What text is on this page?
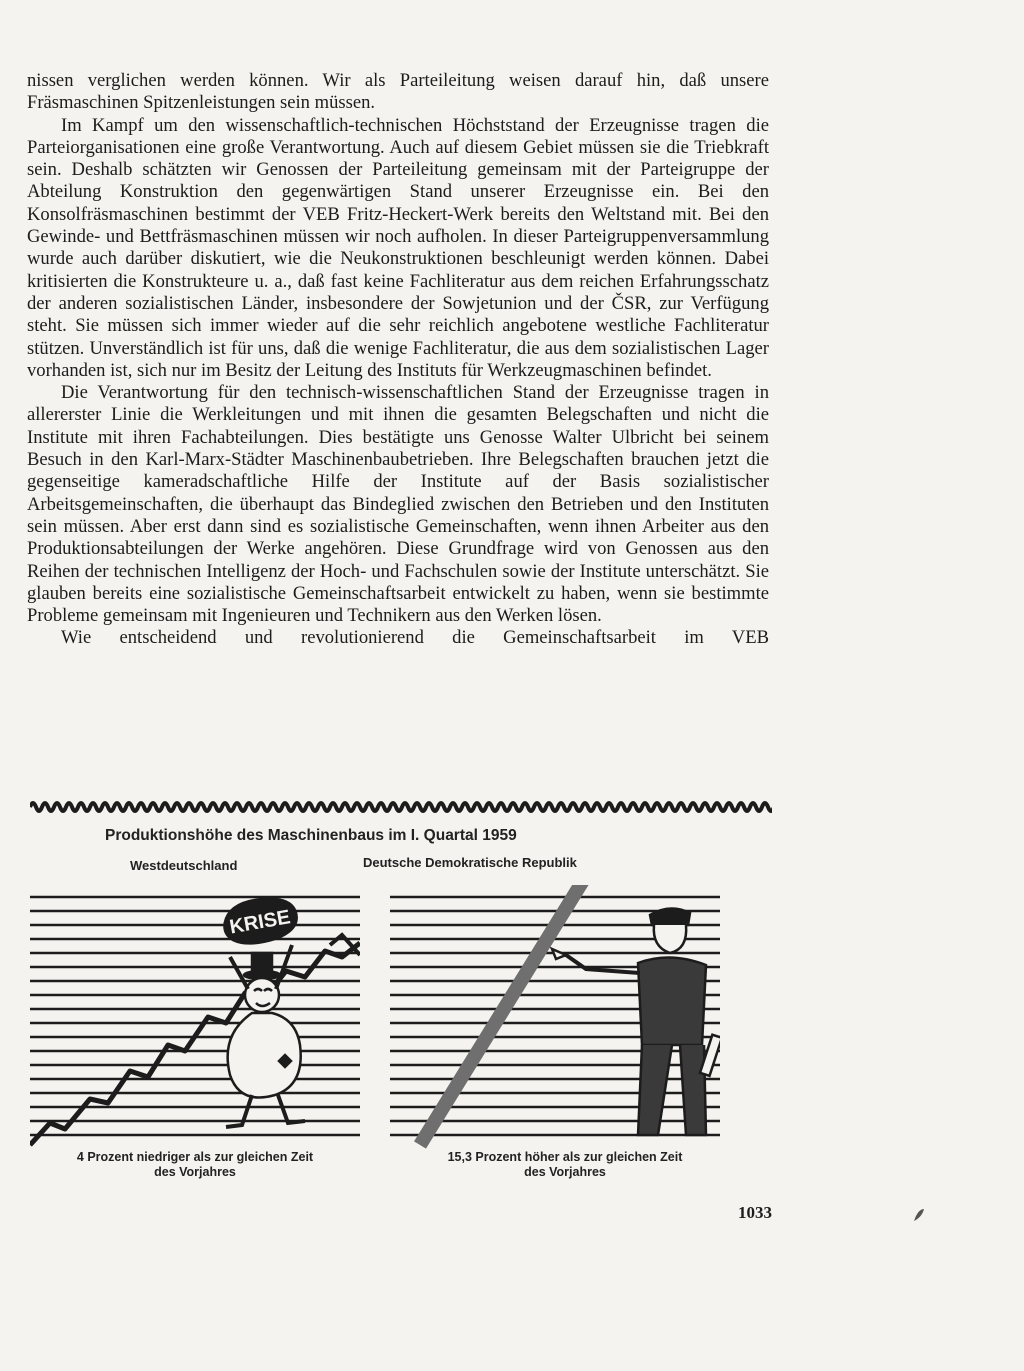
nissen verglichen werden können. Wir als Parteileitung weisen darauf hin, daß unsere Fräsmaschinen Spitzenleistungen sein müssen.

Im Kampf um den wissenschaftlich-technischen Höchststand der Erzeugnisse tragen die Parteiorganisationen eine große Verantwortung. Auch auf diesem Gebiet müssen sie die Triebkraft sein. Deshalb schätzten wir Genossen der Parteileitung gemeinsam mit der Parteigruppe der Abteilung Konstruktion den gegenwärtigen Stand unserer Erzeugnisse ein. Bei den Konsolfräsmaschinen bestimmt der VEB Fritz-Heckert-Werk bereits den Weltstand mit. Bei den Gewinde- und Bettfräsmaschinen müssen wir noch aufholen. In dieser Parteigruppenversammlung wurde auch darüber diskutiert, wie die Neukonstruktionen beschleunigt werden können. Dabei kritisierten die Konstrukteure u. a., daß fast keine Fachliteratur aus dem reichen Erfahrungsschatz der anderen sozialistischen Länder, insbesondere der Sowjetunion und der ČSR, zur Verfügung steht. Sie müssen sich immer wieder auf die sehr reichlich angebotene westliche Fachliteratur stützen. Unverständlich ist für uns, daß die wenige Fachliteratur, die aus dem sozialistischen Lager vorhanden ist, sich nur im Besitz der Leitung des Instituts für Werkzeugmaschinen befindet.

Die Verantwortung für den technisch-wissenschaftlichen Stand der Erzeugnisse tragen in allererster Linie die Werkleitungen und mit ihnen die gesamten Belegschaften und nicht die Institute mit ihren Fachabteilungen. Dies bestätigte uns Genosse Walter Ulbricht bei seinem Besuch in den Karl-Marx-Städter Maschinenbaubetrieben. Ihre Belegschaften brauchen jetzt die gegenseitige kameradschaftliche Hilfe der Institute auf der Basis sozialistischer Arbeitsgemeinschaften, die überhaupt das Bindeglied zwischen den Betrieben und den Instituten sein müssen. Aber erst dann sind es sozialistische Gemeinschaften, wenn ihnen Arbeiter aus den Produktionsabteilungen der Werke angehören. Diese Grundfrage wird von Genossen aus den Reihen der technischen Intelligenz der Hoch- und Fachschulen sowie der Institute unterschätzt. Sie glauben bereits eine sozialistische Gemeinschaftsarbeit entwickelt zu haben, wenn sie bestimmte Probleme gemeinsam mit Ingenieuren und Technikern aus den Werken lösen.

Wie entscheidend und revolutionierend die Gemeinschaftsarbeit im VEB

Produktionshöhe des Maschinenbaus im I. Quartal 1959
Westdeutschland	Deutsche Demokratische Republik
KRISE
4 Prozent niedriger als zur gleichen Zeit
des Vorjahres
15,3 Prozent höher als zur gleichen Zeit
des Vorjahres
1033
